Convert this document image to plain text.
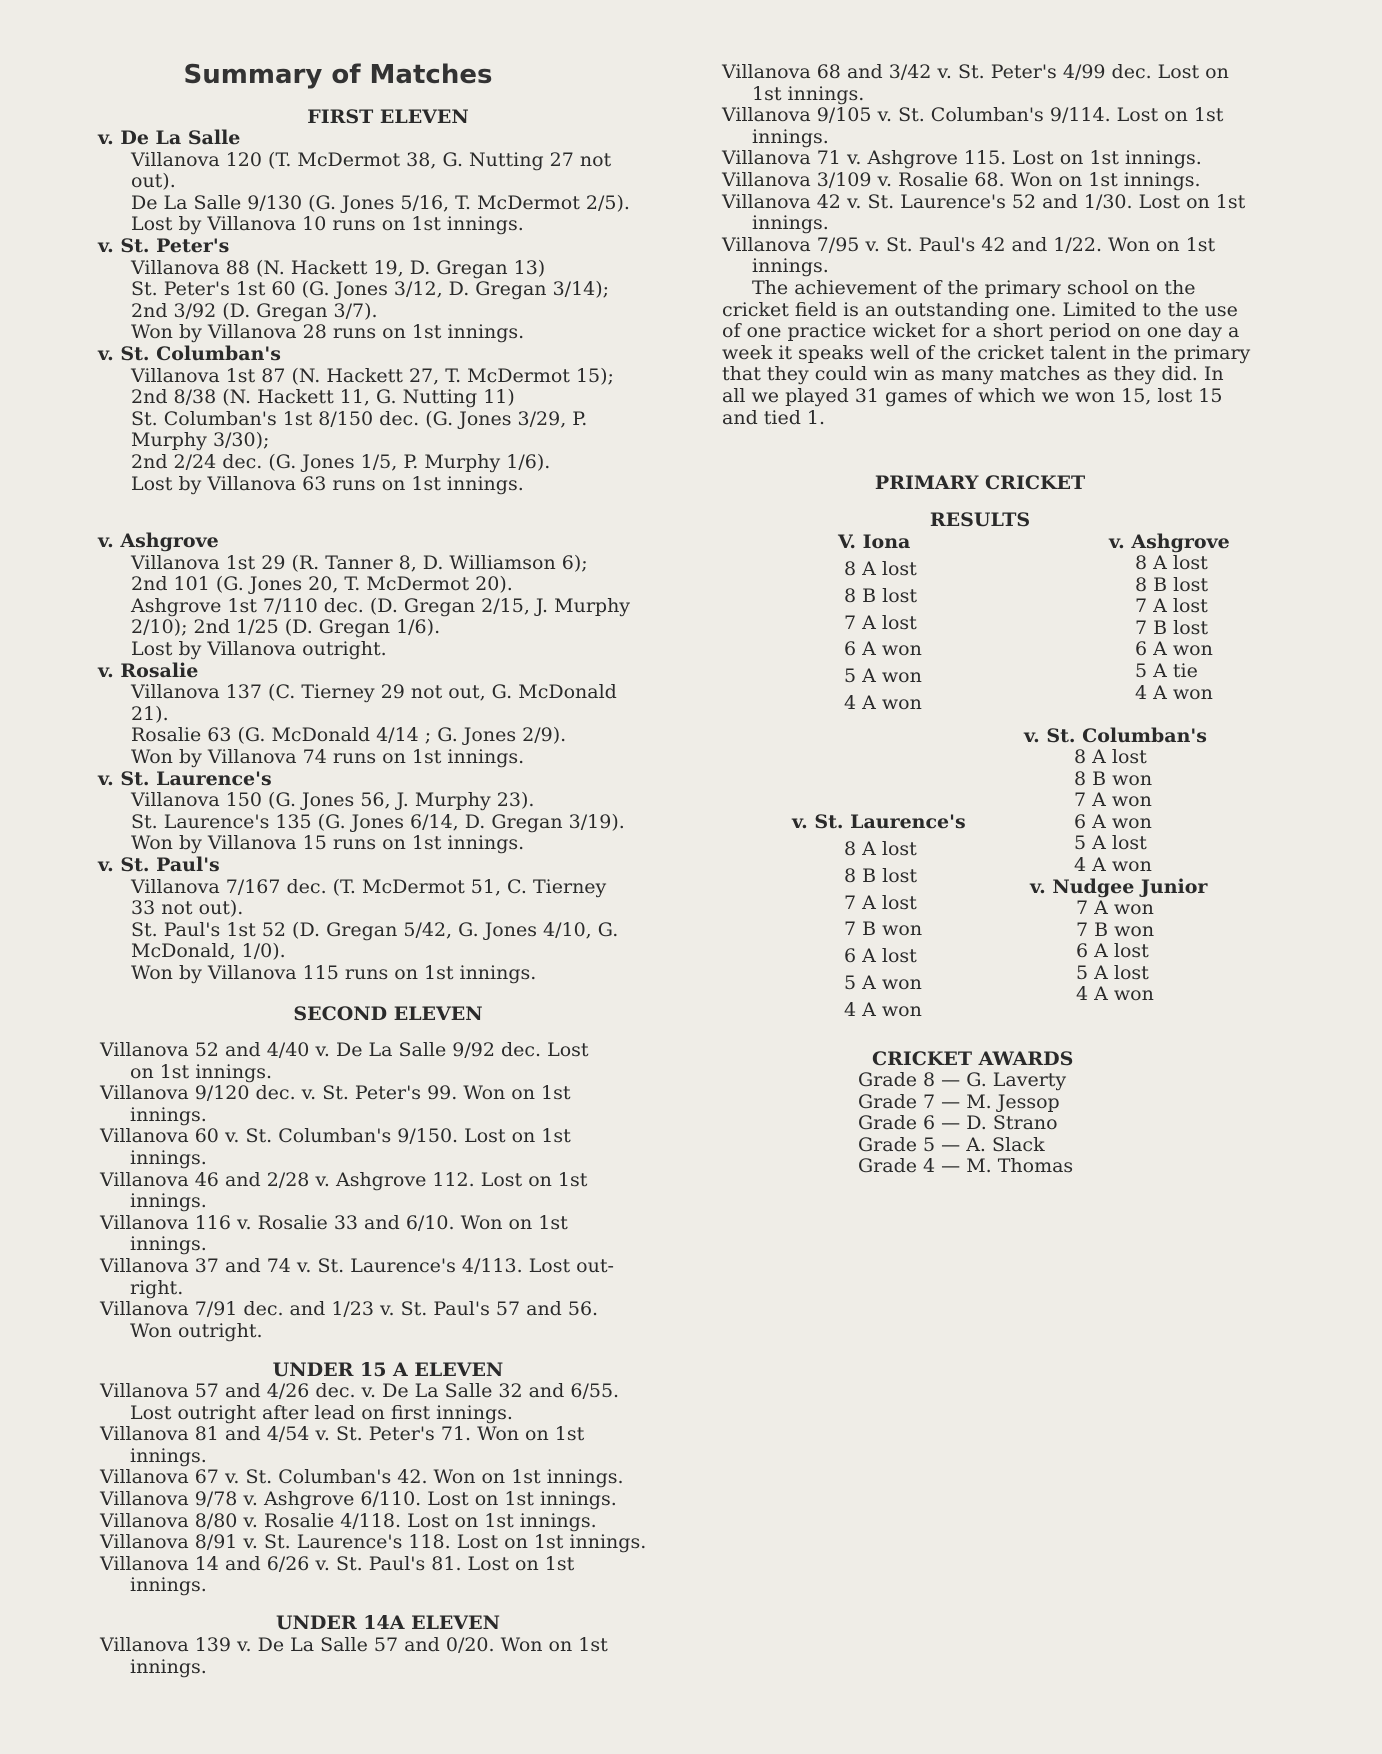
Summary of Matches
FIRST ELEVEN
v. De La Salle
Villanova 120 (T. McDermot 38, G. Nutting 27 not
out).
De La Salle 9/130 (G. Jones 5/16, T. McDermot 2/5).
Lost by Villanova 10 runs on 1st innings.
v. St. Peter's
Villanova 88 (N. Hackett 19, D. Gregan 13)
St. Peter's 1st 60 (G. Jones 3/12, D. Gregan 3/14);
2nd 3/92 (D. Gregan 3/7).
Won by Villanova 28 runs on 1st innings.
v. St. Columban's
Villanova 1st 87 (N. Hackett 27, T. McDermot 15);
2nd 8/38 (N. Hackett 11, G. Nutting 11)
St. Columban's 1st 8/150 dec. (G. Jones 3/29, P.
Murphy 3/30);
2nd 2/24 dec. (G. Jones 1/5, P. Murphy 1/6).
Lost by Villanova 63 runs on 1st innings.
v. Ashgrove
Villanova 1st 29 (R. Tanner 8, D. Williamson 6);
2nd 101 (G. Jones 20, T. McDermot 20).
Ashgrove 1st 7/110 dec. (D. Gregan 2/15, J. Murphy
2/10); 2nd 1/25 (D. Gregan 1/6).
Lost by Villanova outright.
v. Rosalie
Villanova 137 (C. Tierney 29 not out, G. McDonald
21).
Rosalie 63 (G. McDonald 4/14 ; G. Jones 2/9).
Won by Villanova 74 runs on 1st innings.
v. St. Laurence's
Villanova 150 (G. Jones 56, J. Murphy 23).
St. Laurence's 135 (G. Jones 6/14, D. Gregan 3/19).
Won by Villanova 15 runs on 1st innings.
v. St. Paul's
Villanova 7/167 dec. (T. McDermot 51, C. Tierney
33 not out).
St. Paul's 1st 52 (D. Gregan 5/42, G. Jones 4/10, G.
McDonald, 1/0).
Won by Villanova 115 runs on 1st innings.
SECOND ELEVEN
Villanova 52 and 4/40 v. De La Salle 9/92 dec. Lost
on 1st innings.
Villanova 9/120 dec. v. St. Peter's 99. Won on 1st
innings.
Villanova 60 v. St. Columban's 9/150. Lost on 1st
innings.
Villanova 46 and 2/28 v. Ashgrove 112. Lost on 1st
innings.
Villanova 116 v. Rosalie 33 and 6/10. Won on 1st
innings.
Villanova 37 and 74 v. St. Laurence's 4/113. Lost out-
right.
Villanova 7/91 dec. and 1/23 v. St. Paul's 57 and 56.
Won outright.
UNDER 15 A ELEVEN
Villanova 57 and 4/26 dec. v. De La Salle 32 and 6/55.
Lost outright after lead on first innings.
Villanova 81 and 4/54 v. St. Peter's 71. Won on 1st
innings.
Villanova 67 v. St. Columban's 42. Won on 1st innings.
Villanova 9/78 v. Ashgrove 6/110. Lost on 1st innings.
Villanova 8/80 v. Rosalie 4/118. Lost on 1st innings.
Villanova 8/91 v. St. Laurence's 118. Lost on 1st innings.
Villanova 14 and 6/26 v. St. Paul's 81. Lost on 1st
innings.
UNDER 14A ELEVEN
Villanova 139 v. De La Salle 57 and 0/20. Won on 1st
innings.
Villanova 68 and 3/42 v. St. Peter's 4/99 dec. Lost on
1st innings.
Villanova 9/105 v. St. Columban's 9/114. Lost on 1st
innings.
Villanova 71 v. Ashgrove 115. Lost on 1st innings.
Villanova 3/109 v. Rosalie 68. Won on 1st innings.
Villanova 42 v. St. Laurence's 52 and 1/30. Lost on 1st
innings.
Villanova 7/95 v. St. Paul's 42 and 1/22. Won on 1st
innings.
The achievement of the primary school on the
cricket field is an outstanding one. Limited to the use
of one practice wicket for a short period on one day a
week it speaks well of the cricket talent in the primary
that they could win as many matches as they did. In
all we played 31 games of which we won 15, lost 15
and tied 1.
PRIMARY CRICKET
RESULTS
V. Iona
8 A lost
8 B lost
7 A lost
6 A won
5 A won
4 A won
v. Ashgrove
8 A lost
8 B lost
7 A lost
7 B lost
6 A won
5 A tie
4 A won
v. St. Columban's
8 A lost
8 B won
7 A won
6 A won
5 A lost
4 A won
v. St. Laurence's
8 A lost
8 B lost
7 A lost
7 B won
6 A lost
5 A won
4 A won
v. Nudgee Junior
7 A won
7 B won
6 A lost
5 A lost
4 A won
CRICKET AWARDS
Grade 8 — G. Laverty
Grade 7 — M. Jessop
Grade 6 — D. Strano
Grade 5 — A. Slack
Grade 4 — M. Thomas
